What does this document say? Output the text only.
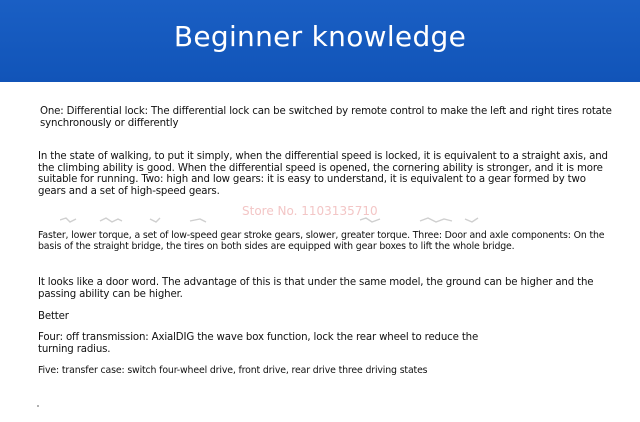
Beginner knowledge

One: Differential lock: The differential lock can be switched by remote control to make the left and right tires rotate synchronously or differently

In the state of walking, to put it simply, when the differential speed is locked, it is equivalent to a straight axis, and the climbing ability is good. When the differential speed is opened, the cornering ability is stronger, and it is more suitable for running. Two: high and low gears: it is easy to understand, it is equivalent to a gear formed by two gears and a set of high-speed gears.

Store No. 1103135710

Faster, lower torque, a set of low-speed gear stroke gears, slower, greater torque. Three: Door and axle components: On the basis of the straight bridge, the tires on both sides are equipped with gear boxes to lift the whole bridge.

It looks like a door word. The advantage of this is that under the same model, the ground can be higher and the passing ability can be higher.

Better

Four: off transmission: AxialDIG the wave box function, lock the rear wheel to reduce the turning radius.

Five: transfer case: switch four-wheel drive, front drive, rear drive three driving states
